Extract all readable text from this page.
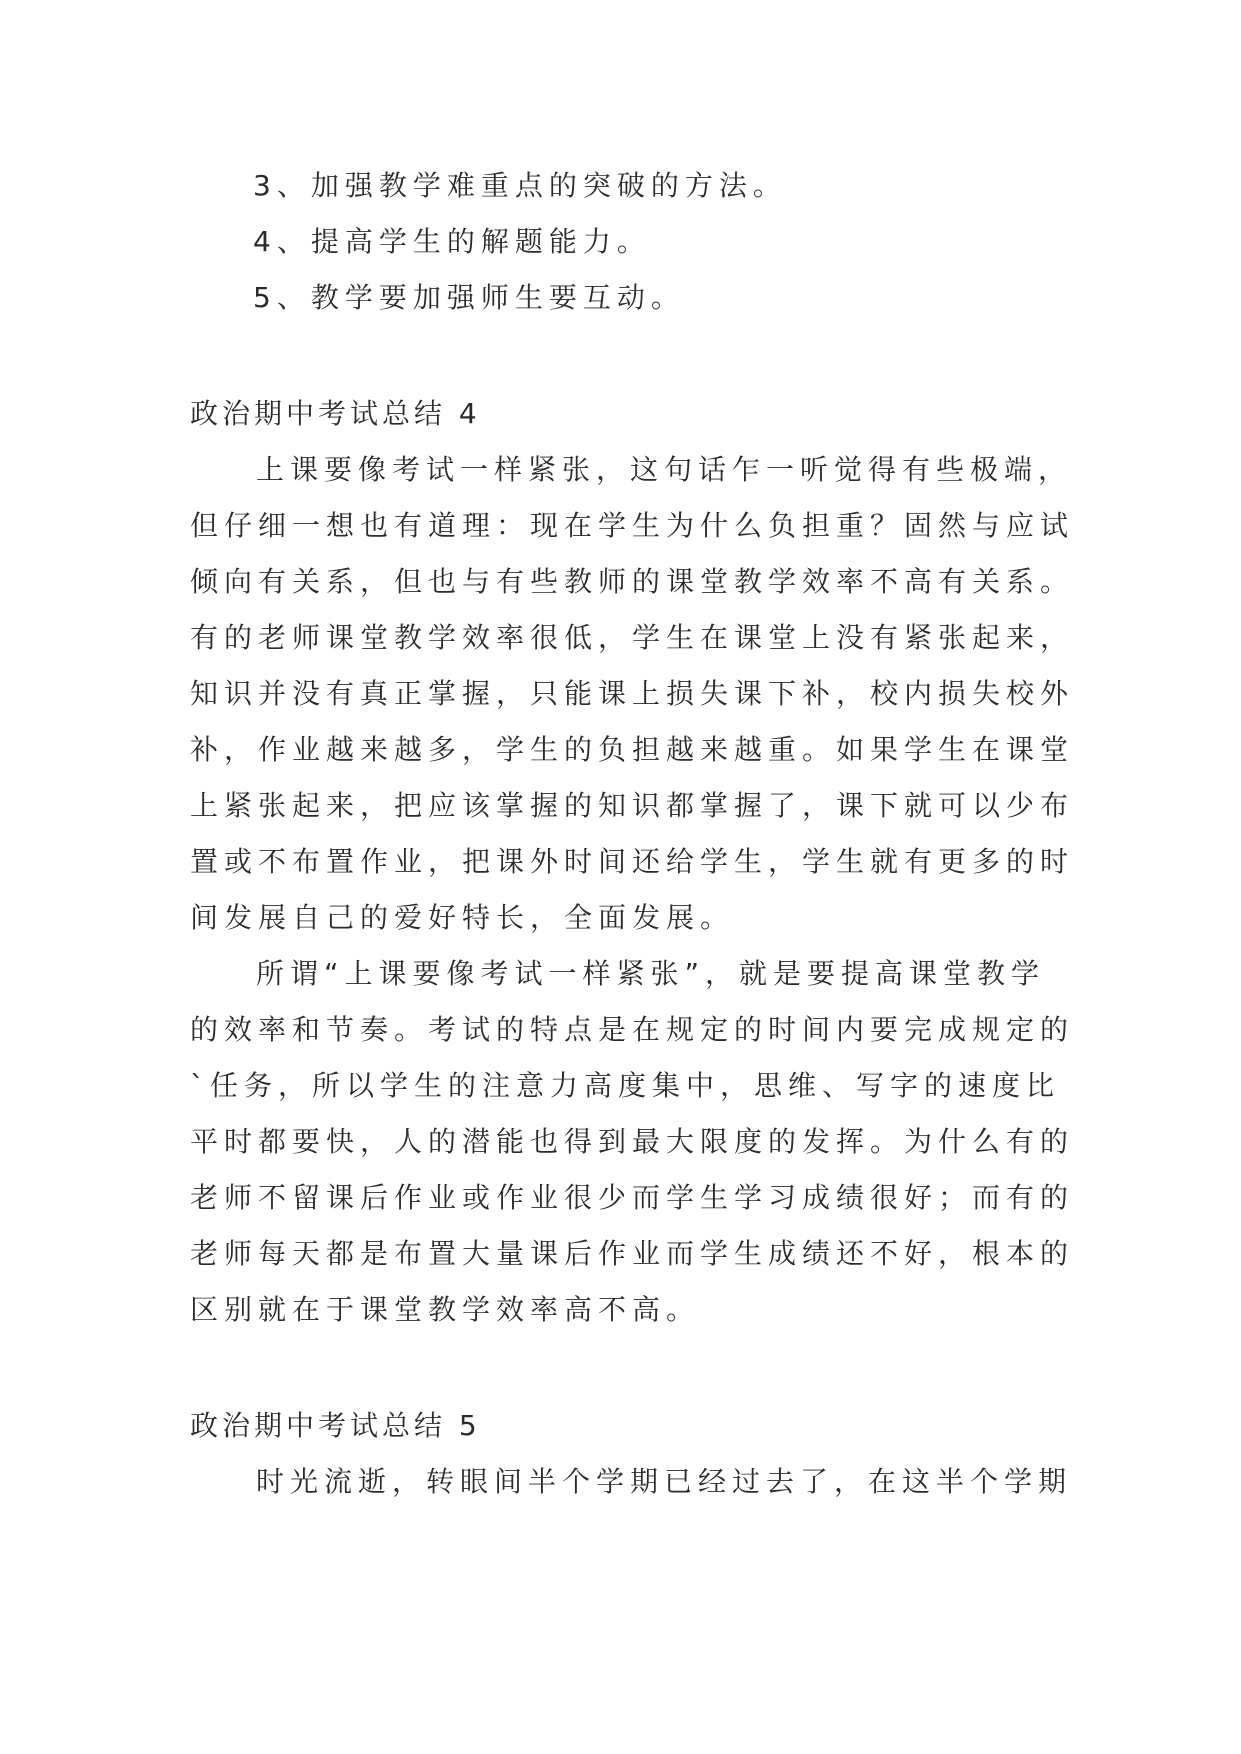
3、加强教学难重点的突破的方法。
4、提高学生的解题能力。
5、教学要加强师生要互动。
政治期中考试总结 4
上课要像考试一样紧张，这句话乍一听觉得有些极端，
但仔细一想也有道理：现在学生为什么负担重？固然与应试
倾向有关系，但也与有些教师的课堂教学效率不高有关系。
有的老师课堂教学效率很低，学生在课堂上没有紧张起来，
知识并没有真正掌握，只能课上损失课下补，校内损失校外
补，作业越来越多，学生的负担越来越重。如果学生在课堂
上紧张起来，把应该掌握的知识都掌握了，课下就可以少布
置或不布置作业，把课外时间还给学生，学生就有更多的时
间发展自己的爱好特长，全面发展。
所谓“上课要像考试一样紧张”，就是要提高课堂教学
的效率和节奏。考试的特点是在规定的时间内要完成规定的
`任务，所以学生的注意力高度集中，思维、写字的速度比
平时都要快，人的潜能也得到最大限度的发挥。为什么有的
老师不留课后作业或作业很少而学生学习成绩很好；而有的
老师每天都是布置大量课后作业而学生成绩还不好，根本的
区别就在于课堂教学效率高不高。
政治期中考试总结 5
时光流逝，转眼间半个学期已经过去了，在这半个学期
